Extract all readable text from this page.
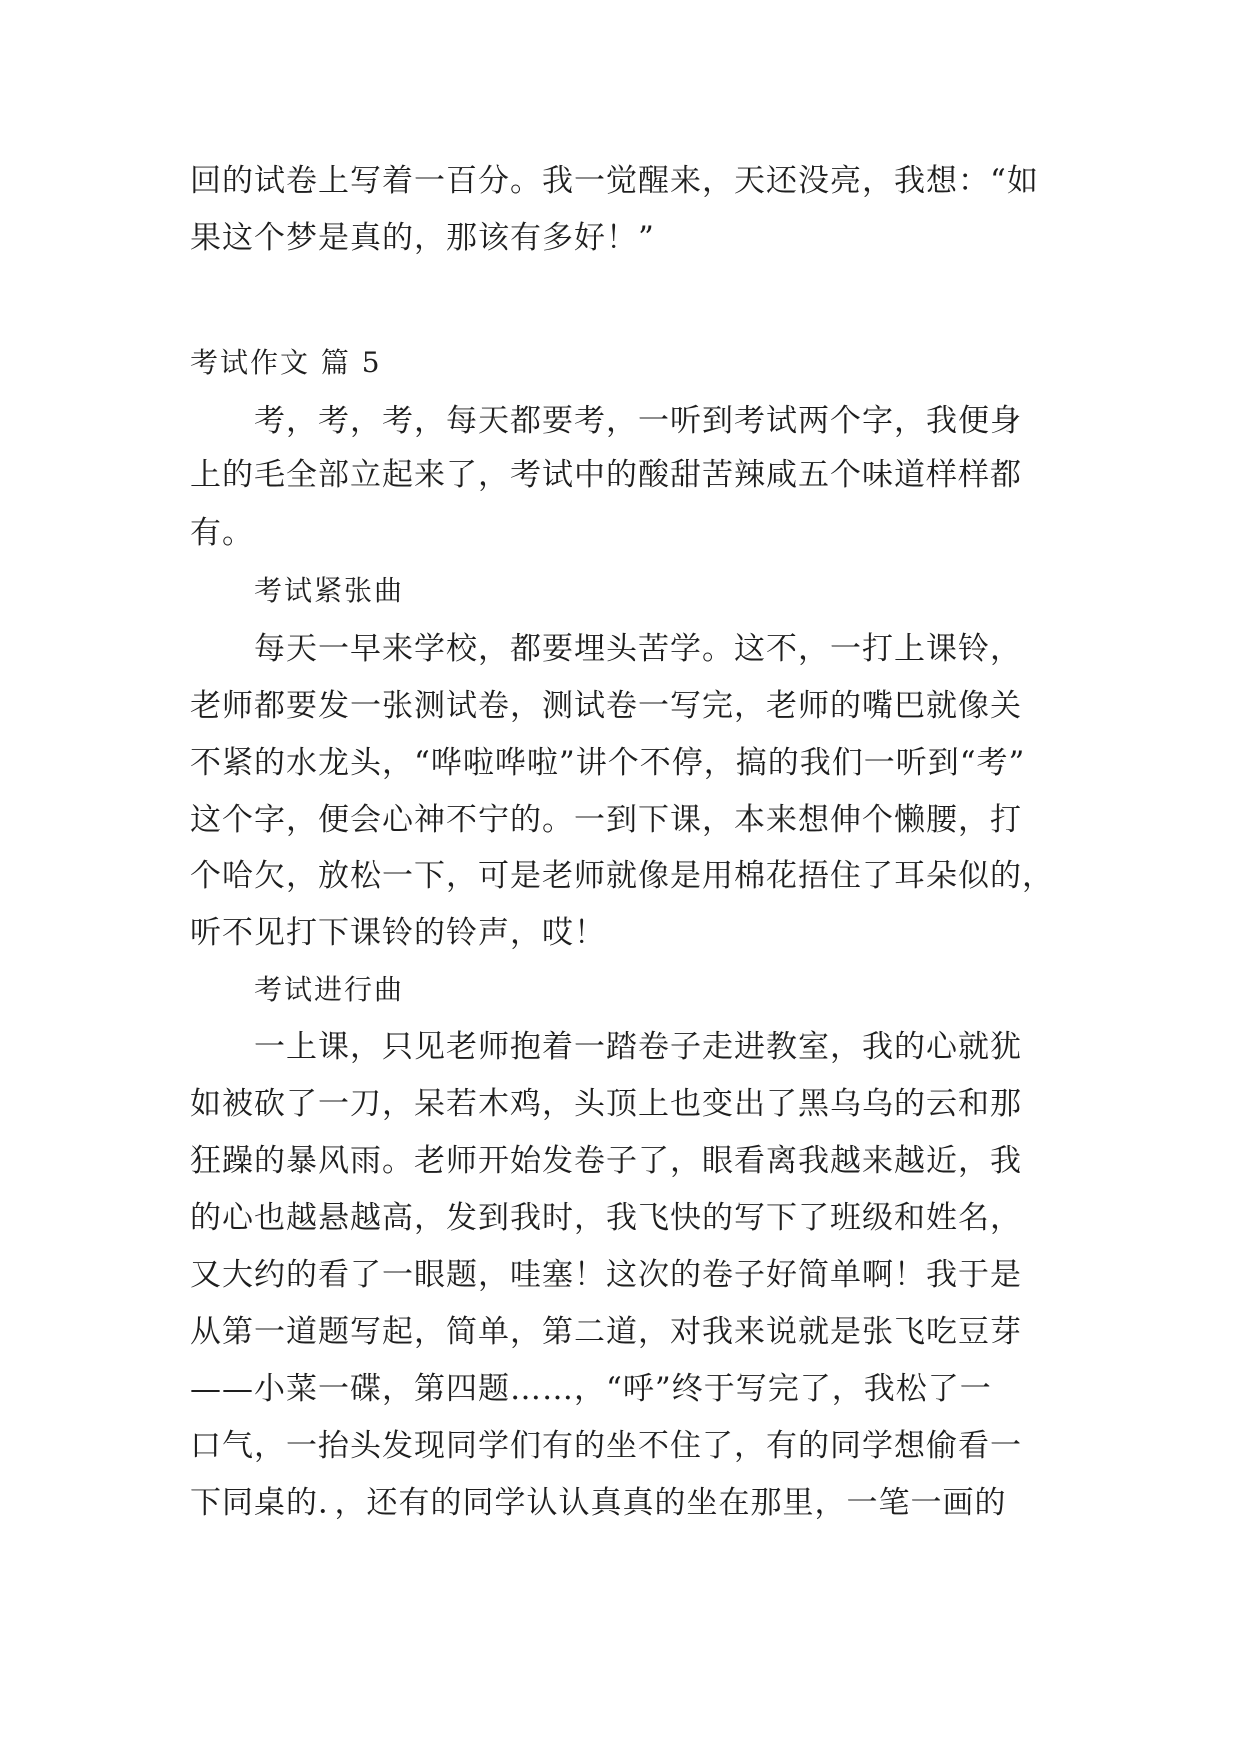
回的试卷上写着一百分。我一觉醒来，天还没亮，我想：“如
果这个梦是真的，那该有多好！”
考试作文 篇 5
考，考，考，每天都要考，一听到考试两个字，我便身
上的毛全部立起来了，考试中的酸甜苦辣咸五个味道样样都
有。
考试紧张曲
每天一早来学校，都要埋头苦学。这不，一打上课铃，
老师都要发一张测试卷，测试卷一写完，老师的嘴巴就像关
不紧的水龙头，“哗啦哗啦”讲个不停，搞的我们一听到“考”
这个字，便会心神不宁的。一到下课，本来想伸个懒腰，打
个哈欠，放松一下，可是老师就像是用棉花捂住了耳朵似的，
听不见打下课铃的铃声，哎！
考试进行曲
一上课，只见老师抱着一踏卷子走进教室，我的心就犹
如被砍了一刀，呆若木鸡，头顶上也变出了黑乌乌的云和那
狂躁的暴风雨。老师开始发卷子了，眼看离我越来越近，我
的心也越悬越高，发到我时，我飞快的写下了班级和姓名，
又大约的看了一眼题，哇塞！这次的卷子好简单啊！我于是
从第一道题写起，简单，第二道，对我来说就是张飞吃豆芽
——小菜一碟，第四题……，“呼”终于写完了，我松了一
口气，一抬头发现同学们有的坐不住了，有的同学想偷看一
下同桌的．，还有的同学认认真真的坐在那里，一笔一画的
